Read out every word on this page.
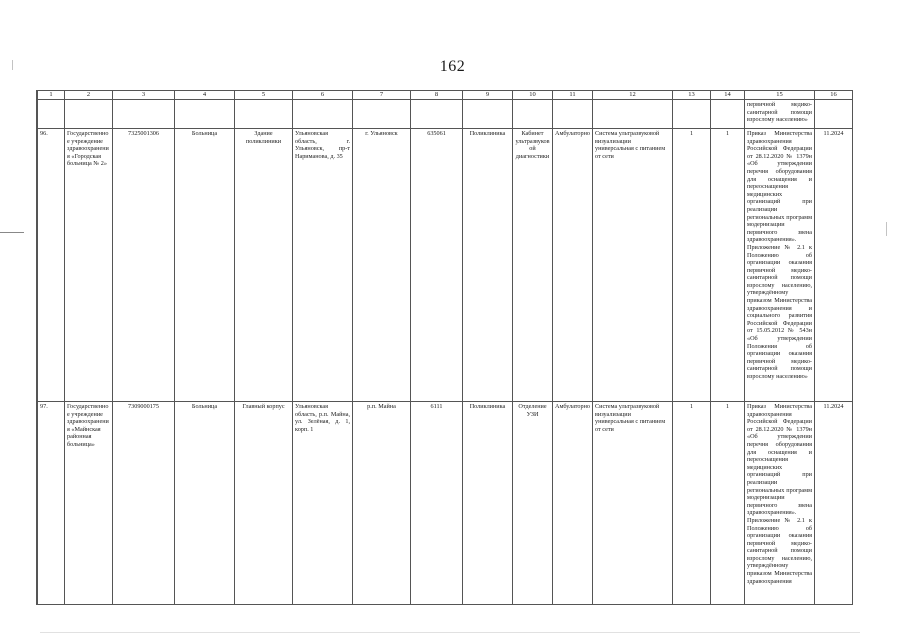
162
1	2	3	4	5	6	7	8	9	10	11	12	13	14	15	16
														первичной медико-санитарной помощи взрослому населению»	
96.	Государственное учреждение здравоохранения «Городская больница № 2»	7325001306	Больница	Здание поликлиники	Ульяновская область, г. Ульяновск, пр-т Нариманова, д. 35	г. Ульяновск	635061	Поликлиника	Кабинет ультразвуковой диагностики	Амбулаторно	Система ультразвуковой визуализации универсальная с питанием от сети	1	1	Приказ Министерства здравоохранения Российской Федерации от 28.12.2020 № 1379н «Об утверждении перечня оборудования для оснащения и переоснащения медицинских организаций при реализации региональных программ модернизации первичного звена здравоохранения». Приложение № 2.1 к Положению об организации оказания первичной медико-санитарной помощи взрослому населению, утверждённому приказом Министерства здравоохранения и социального развития Российской Федерации от 15.05.2012 № 543н «Об утверждении Положения об организации оказания первичной медико-санитарной помощи взрослому населению»	11.2024
97.	Государственное учреждение здравоохранения «Майнская районная больница»	7309000175	Больница	Главный корпус	Ульяновская область, р.п. Майна, ул. Зелёная, д. 1, корп. 1	р.п. Майна	6111	Поликлиника	Отделение УЗИ	Амбулаторно	Система ультразвуковой визуализации универсальная с питанием от сети	1	1	Приказ Министерства здравоохранения Российской Федерации от 28.12.2020 № 1379н «Об утверждении перечня оборудования для оснащения и переоснащения медицинских организаций при реализации региональных программ модернизации первичного звена здравоохранения». Приложение № 2.1 к Положению об организации оказания первичной медико-санитарной помощи взрослому населению, утверждённому приказом Министерства здравоохранения	11.2024
